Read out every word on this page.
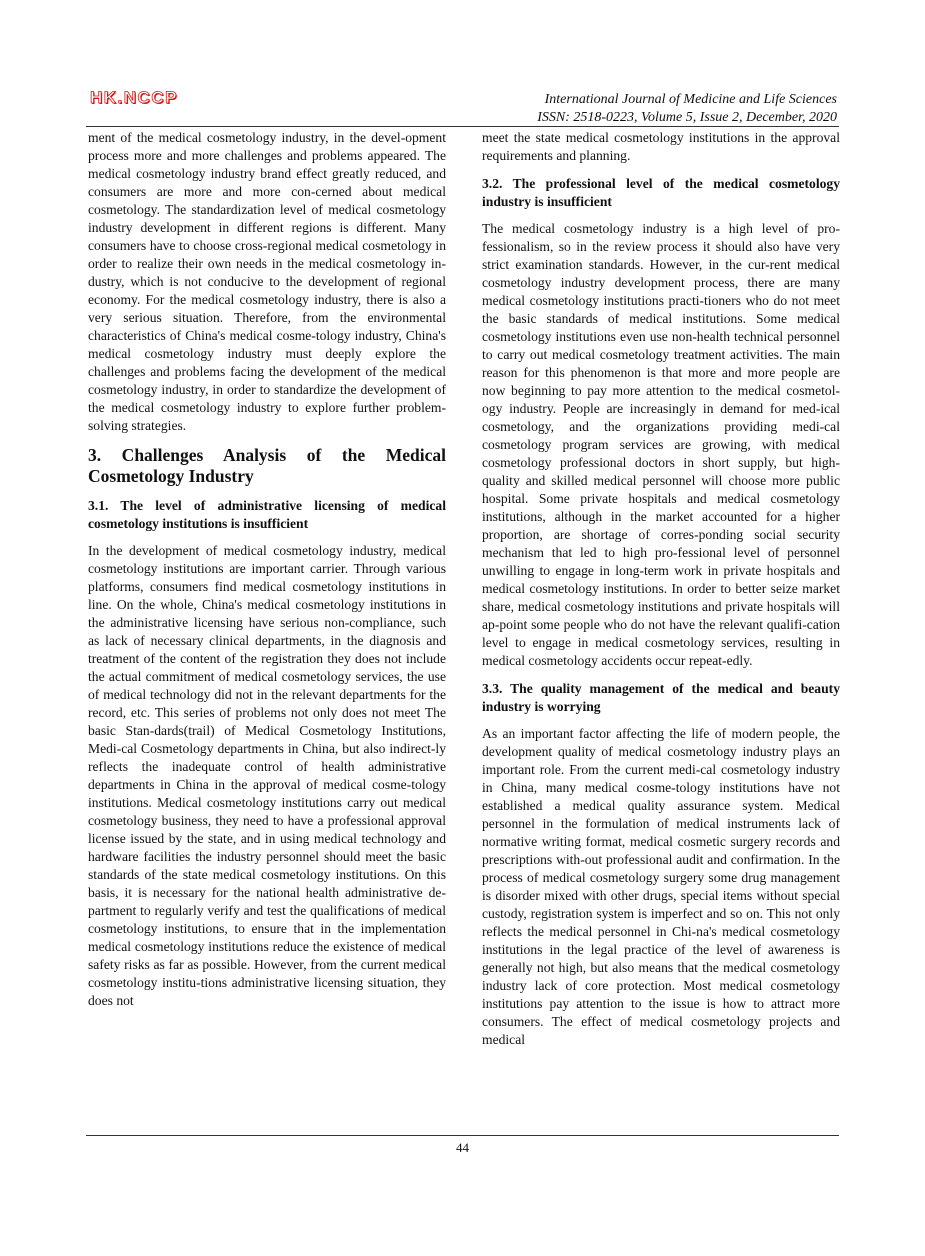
HK.NCCP	International Journal of Medicine and Life Sciences
ISSN: 2518-0223, Volume 5, Issue 2, December, 2020

ment of the medical cosmetology industry, in the devel-opment process more and more challenges and problems appeared. The medical cosmetology industry brand effect greatly reduced, and consumers are more and more con-cerned about medical cosmetology. The standardization level of medical cosmetology industry development in different regions is different. Many consumers have to choose cross-regional medical cosmetology in order to realize their own needs in the medical cosmetology in-dustry, which is not conducive to the development of regional economy. For the medical cosmetology industry, there is also a very serious situation. Therefore, from the environmental characteristics of China's medical cosme-tology industry, China's medical cosmetology industry must deeply explore the challenges and problems facing the development of the medical cosmetology industry, in order to standardize the development of the medical cosmetology industry to explore further problem-solving strategies.

3. Challenges Analysis of the Medical Cosmetology Industry
3.1. The level of administrative licensing of medical cosmetology institutions is insufficient

In the development of medical cosmetology industry, medical cosmetology institutions are important carrier. Through various platforms, consumers find medical cosmetology institutions in line. On the whole, China's medical cosmetology institutions in the administrative licensing have serious non-compliance, such as lack of necessary clinical departments, in the diagnosis and treatment of the content of the registration they does not include the actual commitment of medical cosmetology services, the use of medical technology did not in the relevant departments for the record, etc. This series of problems not only does not meet The basic Stan-dards(trail) of Medical Cosmetology Institutions, Medi-cal Cosmetology departments in China, but also indirect-ly reflects the inadequate control of health administrative departments in China in the approval of medical cosme-tology institutions. Medical cosmetology institutions carry out medical cosmetology business, they need to have a professional approval license issued by the state, and in using medical technology and hardware facilities the industry personnel should meet the basic standards of the state medical cosmetology institutions. On this basis, it is necessary for the national health administrative de-partment to regularly verify and test the qualifications of medical cosmetology institutions, to ensure that in the implementation medical cosmetology institutions reduce the existence of medical safety risks as far as possible. However, from the current medical cosmetology institu-tions administrative licensing situation, they does not

meet the state medical cosmetology institutions in the approval requirements and planning.

3.2. The professional level of the medical cosmetology industry is insufficient

The medical cosmetology industry is a high level of pro-fessionalism, so in the review process it should also have very strict examination standards. However, in the cur-rent medical cosmetology industry development process, there are many medical cosmetology institutions practi-tioners who do not meet the basic standards of medical institutions. Some medical cosmetology institutions even use non-health technical personnel to carry out medical cosmetology treatment activities. The main reason for this phenomenon is that more and more people are now beginning to pay more attention to the medical cosmetol-ogy industry. People are increasingly in demand for med-ical cosmetology, and the organizations providing medi-cal cosmetology program services are growing, with medical cosmetology professional doctors in short supply, but high-quality and skilled medical personnel will choose more public hospital. Some private hospitals and medical cosmetology institutions, although in the market accounted for a higher proportion, are shortage of corres-ponding social security mechanism that led to high pro-fessional level of personnel unwilling to engage in long-term work in private hospitals and medical cosmetology institutions. In order to better seize market share, medical cosmetology institutions and private hospitals will ap-point some people who do not have the relevant qualifi-cation level to engage in medical cosmetology services, resulting in medical cosmetology accidents occur repeat-edly.

3.3. The quality management of the medical and beauty industry is worrying

As an important factor affecting the life of modern people, the development quality of medical cosmetology industry plays an important role. From the current medi-cal cosmetology industry in China, many medical cosme-tology institutions have not established a medical quality assurance system. Medical personnel in the formulation of medical instruments lack of normative writing format, medical cosmetic surgery records and prescriptions with-out professional audit and confirmation. In the process of medical cosmetology surgery some drug management is disorder mixed with other drugs, special items without special custody, registration system is imperfect and so on. This not only reflects the medical personnel in Chi-na's medical cosmetology institutions in the legal practice of the level of awareness is generally not high, but also means that the medical cosmetology industry lack of core protection. Most medical cosmetology institutions pay attention to the issue is how to attract more consumers. The effect of medical cosmetology projects and medical

44
